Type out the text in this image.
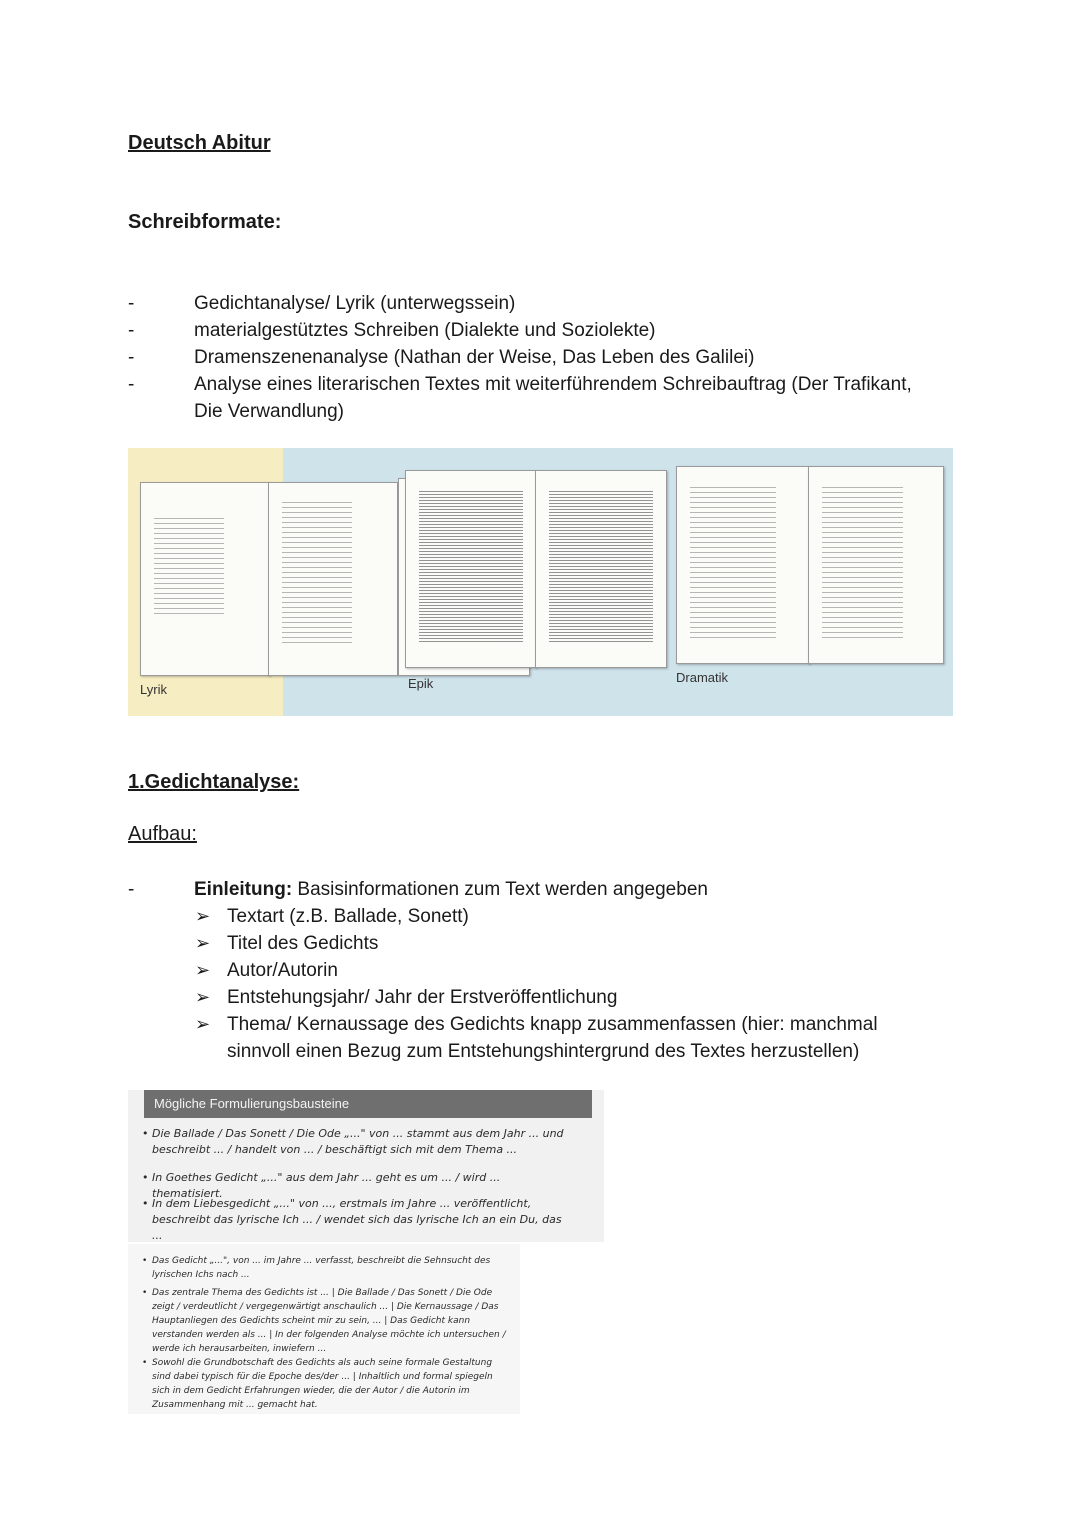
Deutsch Abitur
Schreibformate:
- Gedichtanalyse/ Lyrik (unterwegssein)
- materialgestütztes Schreiben (Dialekte und Soziolekte)
- Dramenszenenanalyse (Nathan der Weise, Das Leben des Galilei)
- Analyse eines literarischen Textes mit weiterführendem Schreibauftrag (Der Trafikant, Die Verwandlung)
Lyrik	Epik	Dramatik
1.Gedichtanalyse:
Aufbau:
-	Einleitung: Basisinformationen zum Text werden angegeben
➢ Textart (z.B. Ballade, Sonett)
➢ Titel des Gedichts
➢ Autor/Autorin
➢ Entstehungsjahr/ Jahr der Erstveröffentlichung
➢ Thema/ Kernaussage des Gedichts knapp zusammenfassen (hier: manchmal sinnvoll einen Bezug zum Entstehungshintergrund des Textes herzustellen)
Mögliche Formulierungsbausteine
• Die Ballade / Das Sonett / Die Ode „..." von ... stammt aus dem Jahr ... und beschreibt ... / handelt von ... / beschäftigt sich mit dem Thema ...
• In Goethes Gedicht „..." aus dem Jahr ... geht es um ... / wird ... thematisiert.
• In dem Liebesgedicht „..." von ..., erstmals im Jahre ... veröffentlicht, beschreibt das lyrische Ich ... / wendet sich das lyrische Ich an ein Du, das ...
• Das Gedicht „...", von ... im Jahre ... verfasst, beschreibt die Sehnsucht des lyrischen Ichs nach ...
• Das zentrale Thema des Gedichts ist ... | Die Ballade / Das Sonett / Die Ode zeigt / verdeutlicht / vergegenwärtigt anschaulich ... | Die Kernaussage / Das Hauptanliegen des Gedichts scheint mir zu sein, ... | Das Gedicht kann verstanden werden als ... | In der folgenden Analyse möchte ich untersuchen / werde ich herausarbeiten, inwiefern ...
• Sowohl die Grundbotschaft des Gedichts als auch seine formale Gestaltung sind dabei typisch für die Epoche des/der ... | Inhaltlich und formal spiegeln sich in dem Gedicht Erfahrungen wieder, die der Autor / die Autorin im Zusammenhang mit ... gemacht hat.
